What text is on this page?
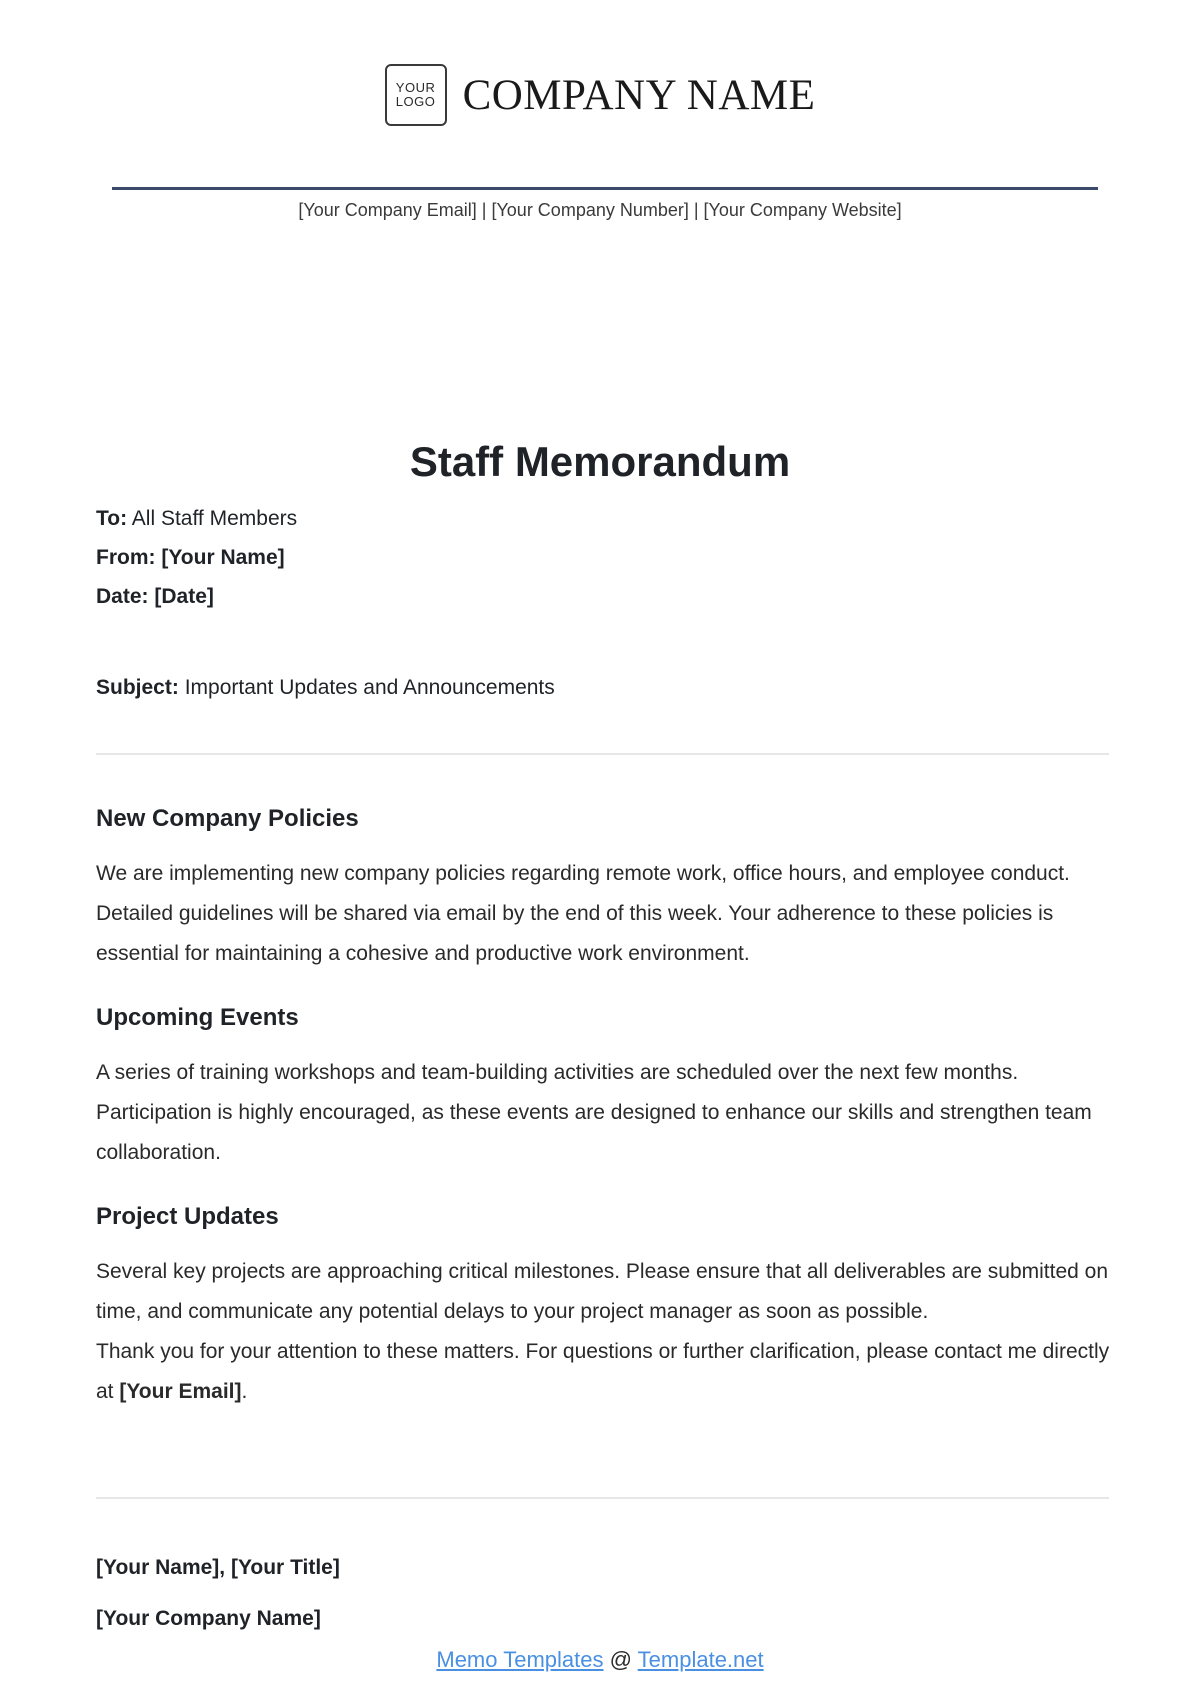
YOUR
LOGO COMPANY NAME
[Your Company Email] | [Your Company Number] | [Your Company Website]
Staff Memorandum
To: All Staff Members
From: [Your Name]
Date: [Date]
Subject: Important Updates and Announcements
New Company Policies

We are implementing new company policies regarding remote work, office hours, and employee conduct. Detailed guidelines will be shared via email by the end of this week. Your adherence to these policies is essential for maintaining a cohesive and productive work environment.

Upcoming Events

A series of training workshops and team-building activities are scheduled over the next few months. Participation is highly encouraged, as these events are designed to enhance our skills and strengthen team collaboration.

Project Updates

Several key projects are approaching critical milestones. Please ensure that all deliverables are submitted on time, and communicate any potential delays to your project manager as soon as possible.

Thank you for your attention to these matters. For questions or further clarification, please contact me directly at [Your Email].

[Your Name], [Your Title]
[Your Company Name]
Memo Templates @ Template.net
